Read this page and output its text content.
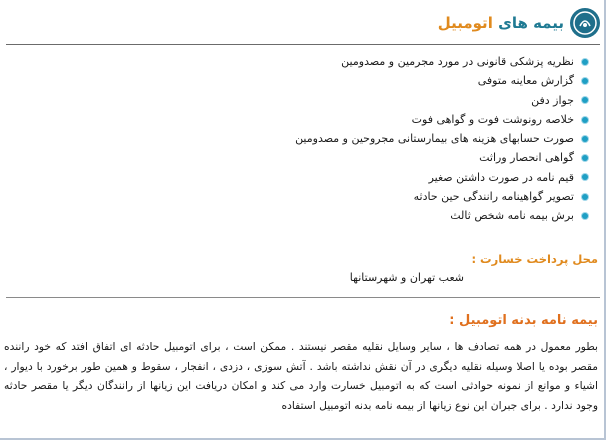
بیمه های اتومبیل
نظریه پزشکی قانونی در مورد مجرمین و مصدومین
گزارش معاینه متوفی
جواز دفن
خلاصه رونوشت فوت و گواهی فوت
صورت حسابهای هزینه های بیمارستانی مجروحین و مصدومین
گواهی انحصار وراثت
قیم نامه در صورت داشتن صغیر
تصویر گواهینامه رانندگی حین حادثه
برش بیمه نامه شخص ثالث
محل پرداخت خسارت :
شعب تهران و شهرستانها
بیمه نامه بدنه اتومبیل :
بطور معمول در همه تصادف ها ، سایر وسایل نقلیه مقصر نیستند . ممکن است ، برای اتومبیل حادثه ای اتفاق افتد که خود راننده مقصر بوده یا اصلا وسیله نقلیه دیگری در آن نقش نداشته باشد . آتش سوزی ، دزدی ، انفجار ، سقوط و همین طور برخورد با دیوار ، اشیاء و موانع از نمونه حوادثی است که به اتومبیل خسارت وارد می کند و امکان دریافت این زیانها از رانندگان دیگر یا مقصر حادثه وجود ندارد . برای جبران این نوع زیانها از بیمه نامه بدنه اتومبیل استفاده
